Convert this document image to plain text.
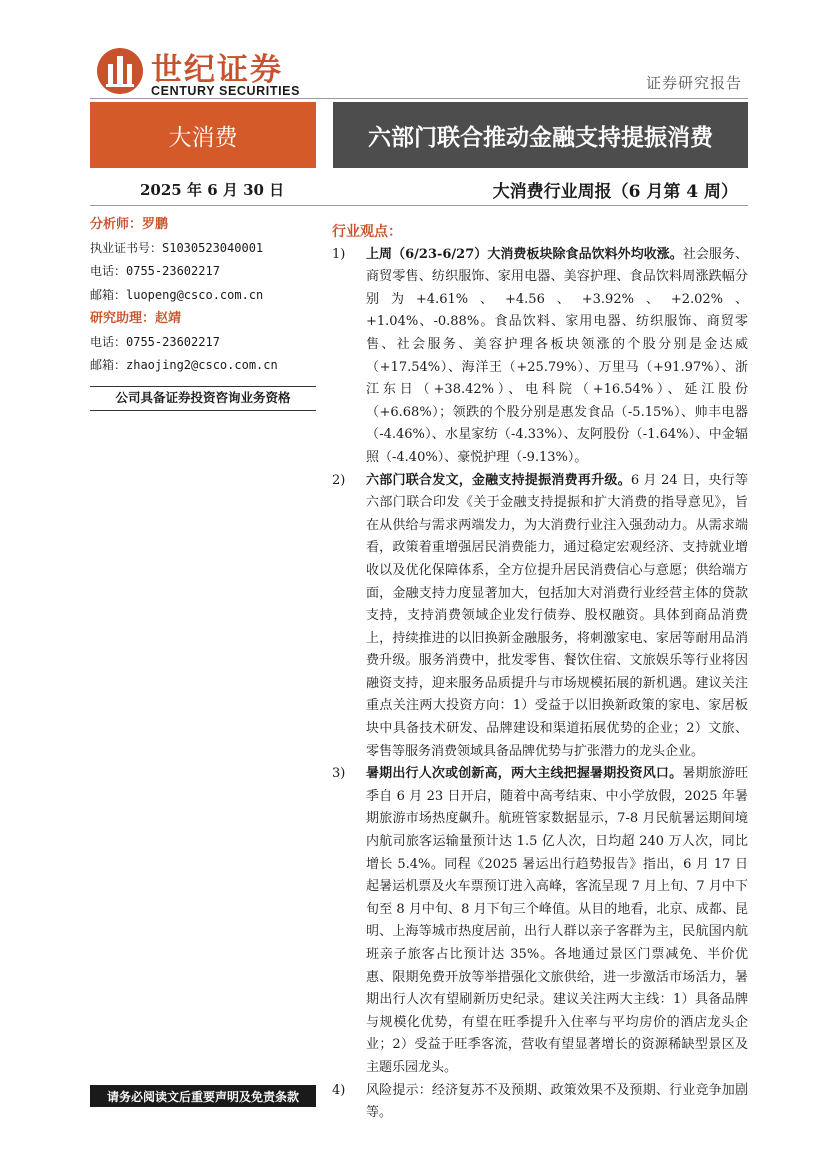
世纪证券
CENTURY SECURITIES	证券研究报告
大消费	六部门联合推动金融支持提振消费
2025 年 6 月 30 日	大消费行业周报（6 月第 4 周）
分析师：罗鹏
执业证书号：S1030523040001
电话：0755-23602217
邮箱：luopeng@csco.com.cn
研究助理：赵靖
电话：0755-23602217
邮箱：zhaojing2@csco.com.cn
公司具备证券投资咨询业务资格
请务必阅读文后重要声明及免责条款
行业观点：
1) 上周（6/23-6/27）大消费板块除食品饮料外均收涨。社会服务、商贸零售、纺织服饰、家用电器、美容护理、食品饮料周涨跌幅分别为+4.61%、+4.56、+3.92%、+2.02%、+1.04%、-0.88%。食品饮料、家用电器、纺织服饰、商贸零售、社会服务、美容护理各板块领涨的个股分别是金达威（+17.54%）、海洋王（+25.79%）、万里马（+91.97%）、浙江东日（+38.42%）、电科院（+16.54%）、延江股份（+6.68%）；领跌的个股分别是惠发食品（-5.15%）、帅丰电器（-4.46%）、水星家纺（-4.33%）、友阿股份（-1.64%）、中金辐照（-4.40%）、豪悦护理（-9.13%）。
2) 六部门联合发文，金融支持提振消费再升级。6 月 24 日，央行等六部门联合印发《关于金融支持提振和扩大消费的指导意见》，旨在从供给与需求两端发力，为大消费行业注入强劲动力。从需求端看，政策着重增强居民消费能力，通过稳定宏观经济、支持就业增收以及优化保障体系，全方位提升居民消费信心与意愿；供给端方面，金融支持力度显著加大，包括加大对消费行业经营主体的贷款支持，支持消费领域企业发行债券、股权融资。具体到商品消费上，持续推进的以旧换新金融服务，将刺激家电、家居等耐用品消费升级。服务消费中，批发零售、餐饮住宿、文旅娱乐等行业将因融资支持，迎来服务品质提升与市场规模拓展的新机遇。建议关注重点关注两大投资方向：1）受益于以旧换新政策的家电、家居板块中具备技术研发、品牌建设和渠道拓展优势的企业；2）文旅、零售等服务消费领域具备品牌优势与扩张潜力的龙头企业。
3) 暑期出行人次或创新高，两大主线把握暑期投资风口。暑期旅游旺季自 6 月 23 日开启，随着中高考结束、中小学放假，2025 年暑期旅游市场热度飙升。航班管家数据显示，7-8 月民航暑运期间境内航司旅客运输量预计达 1.5 亿人次，日均超 240 万人次，同比增长 5.4%。同程《2025 暑运出行趋势报告》指出，6 月 17 日起暑运机票及火车票预订进入高峰，客流呈现 7 月上旬、7 月中下旬至 8 月中旬、8 月下旬三个峰值。从目的地看，北京、成都、昆明、上海等城市热度居前，出行人群以亲子客群为主，民航国内航班亲子旅客占比预计达 35%。各地通过景区门票减免、半价优惠、限期免费开放等举措强化文旅供给，进一步激活市场活力，暑期出行人次有望刷新历史纪录。建议关注两大主线：1）具备品牌与规模化优势，有望在旺季提升入住率与平均房价的酒店龙头企业；2）受益于旺季客流，营收有望显著增长的资源稀缺型景区及主题乐园龙头。
4) 风险提示：经济复苏不及预期、政策效果不及预期、行业竞争加剧等。
